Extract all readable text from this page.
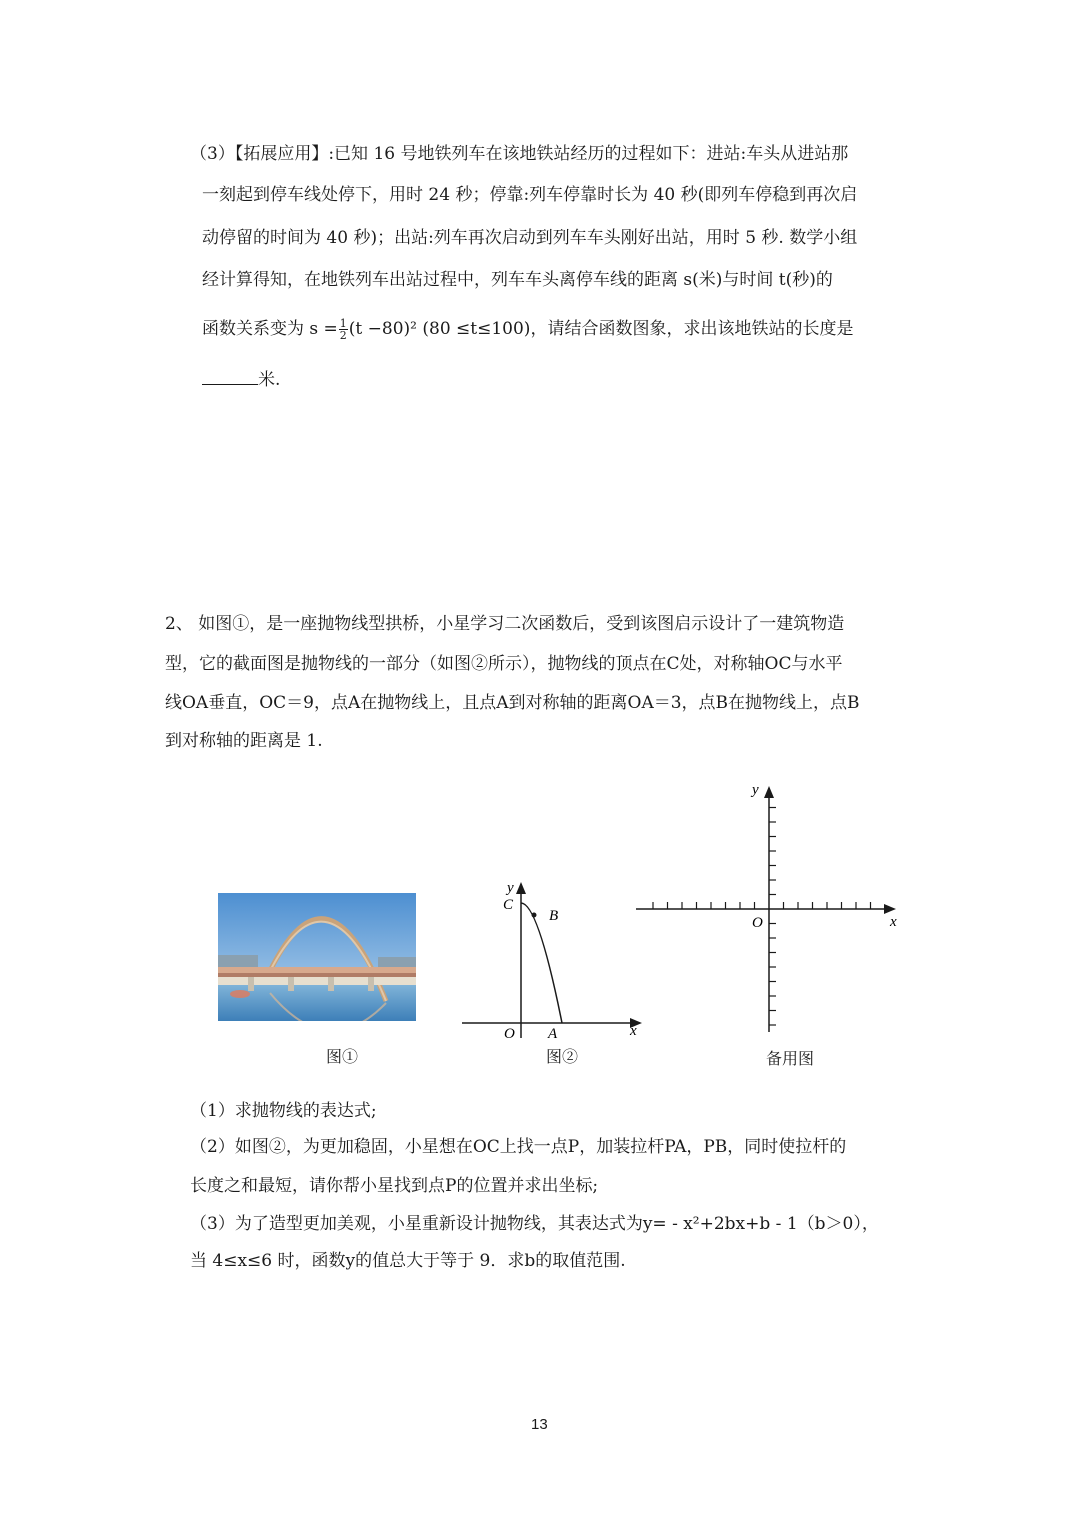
（3）【拓展应用】:已知 16 号地铁列车在该地铁站经历的过程如下：进站:车头从进站那
一刻起到停车线处停下，用时 24 秒；停靠:列车停靠时长为 40 秒(即列车停稳到再次启
动停留的时间为 40 秒)；出站:列车再次启动到列车车头刚好出站，用时 5 秒. 数学小组
经计算得知，在地铁列车出站过程中，列车车头离停车线的距离 s(米)与时间 t(秒)的
函数关系变为 $s = \frac{1}{2} (t -80)^2$ (80 ≤t≤100)，请结合函数图象，求出该地铁站的长度是
米.
2、 如图①，是一座抛物线型拱桥，小星学习二次函数后，受到该图启示设计了一建筑物造
型，它的截面图是抛物线的一部分（如图②所示），抛物线的顶点在C处，对称轴OC与水平
线OA垂直，OC＝9，点A在抛物线上，且点A到对称轴的距离OA＝3，点B在抛物线上，点B
到对称轴的距离是 1.
图①
y
x
C
B
O A
图②
y
x
O
备用图
（1）求抛物线的表达式;
（2）如图②，为更加稳固，小星想在OC上找一点P，加装拉杆PA，PB，同时使拉杆的
长度之和最短，请你帮小星找到点P的位置并求出坐标;
（3）为了造型更加美观，小星重新设计抛物线，其表达式为y= - x²+2bx+b - 1（b＞0），
当 4≤x≤6 时，函数y的值总大于等于 9．求b的取值范围.
13
